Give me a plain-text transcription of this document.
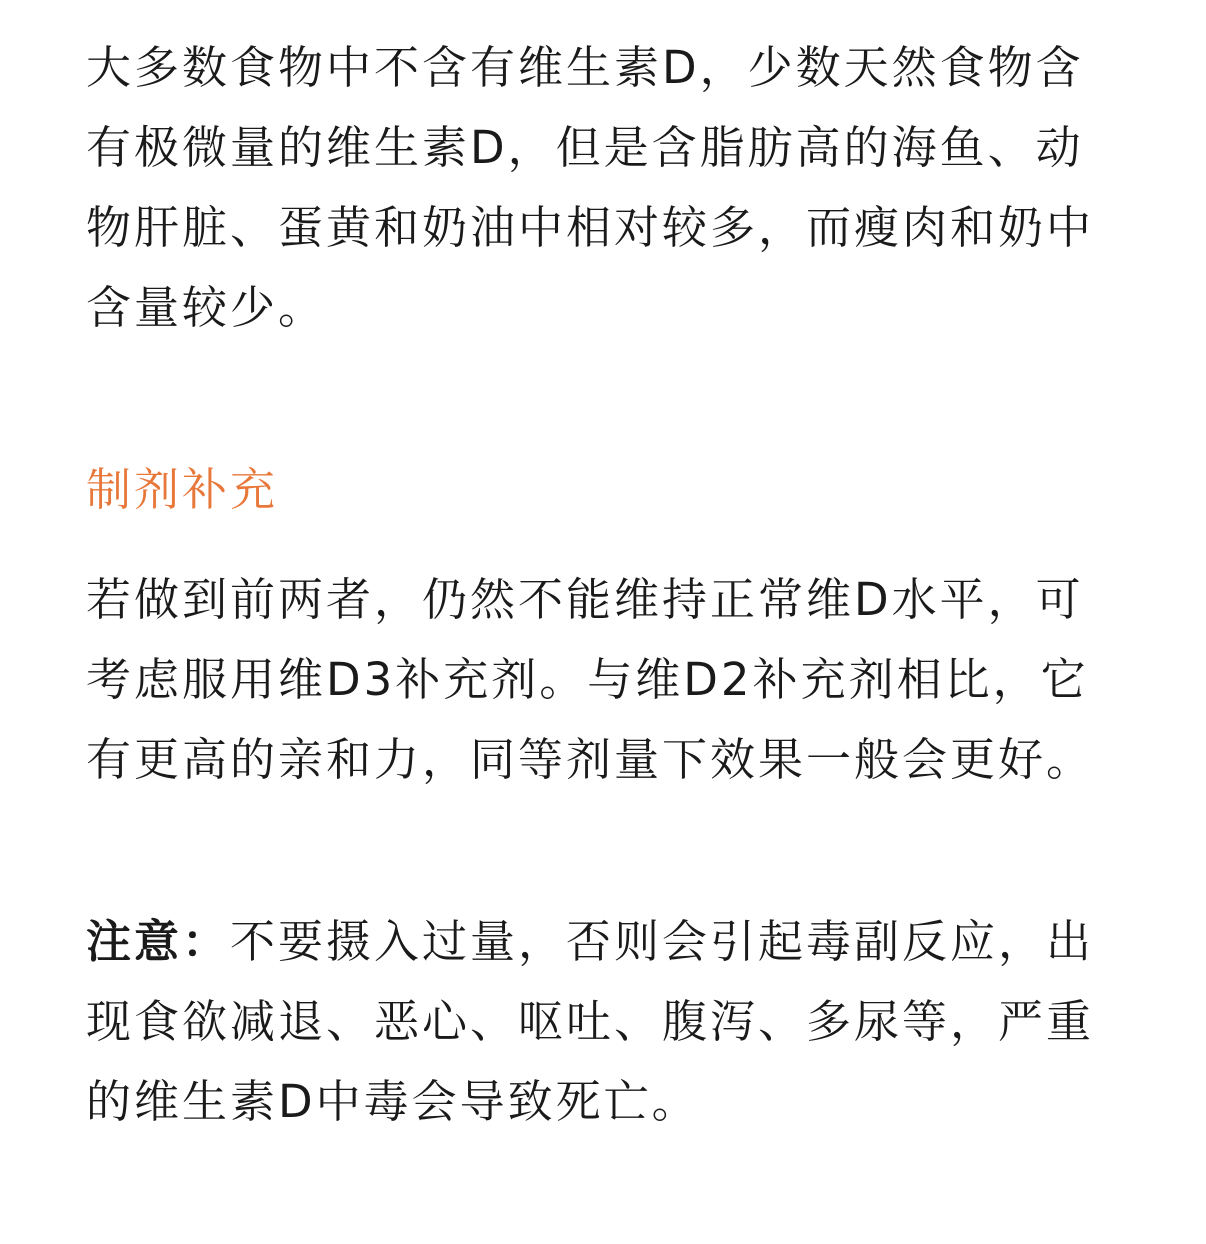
大多数食物中不含有维生素D，少数天然食物含有极微量的维生素D，但是含脂肪高的海鱼、动物肝脏、蛋黄和奶油中相对较多，而瘦肉和奶中含量较少。

制剂补充

若做到前两者，仍然不能维持正常维D水平，可考虑服用维D3补充剂。与维D2补充剂相比，它有更高的亲和力，同等剂量下效果一般会更好。

注意：不要摄入过量，否则会引起毒副反应，出现食欲减退、恶心、呕吐、腹泻、多尿等，严重的维生素D中毒会导致死亡。
